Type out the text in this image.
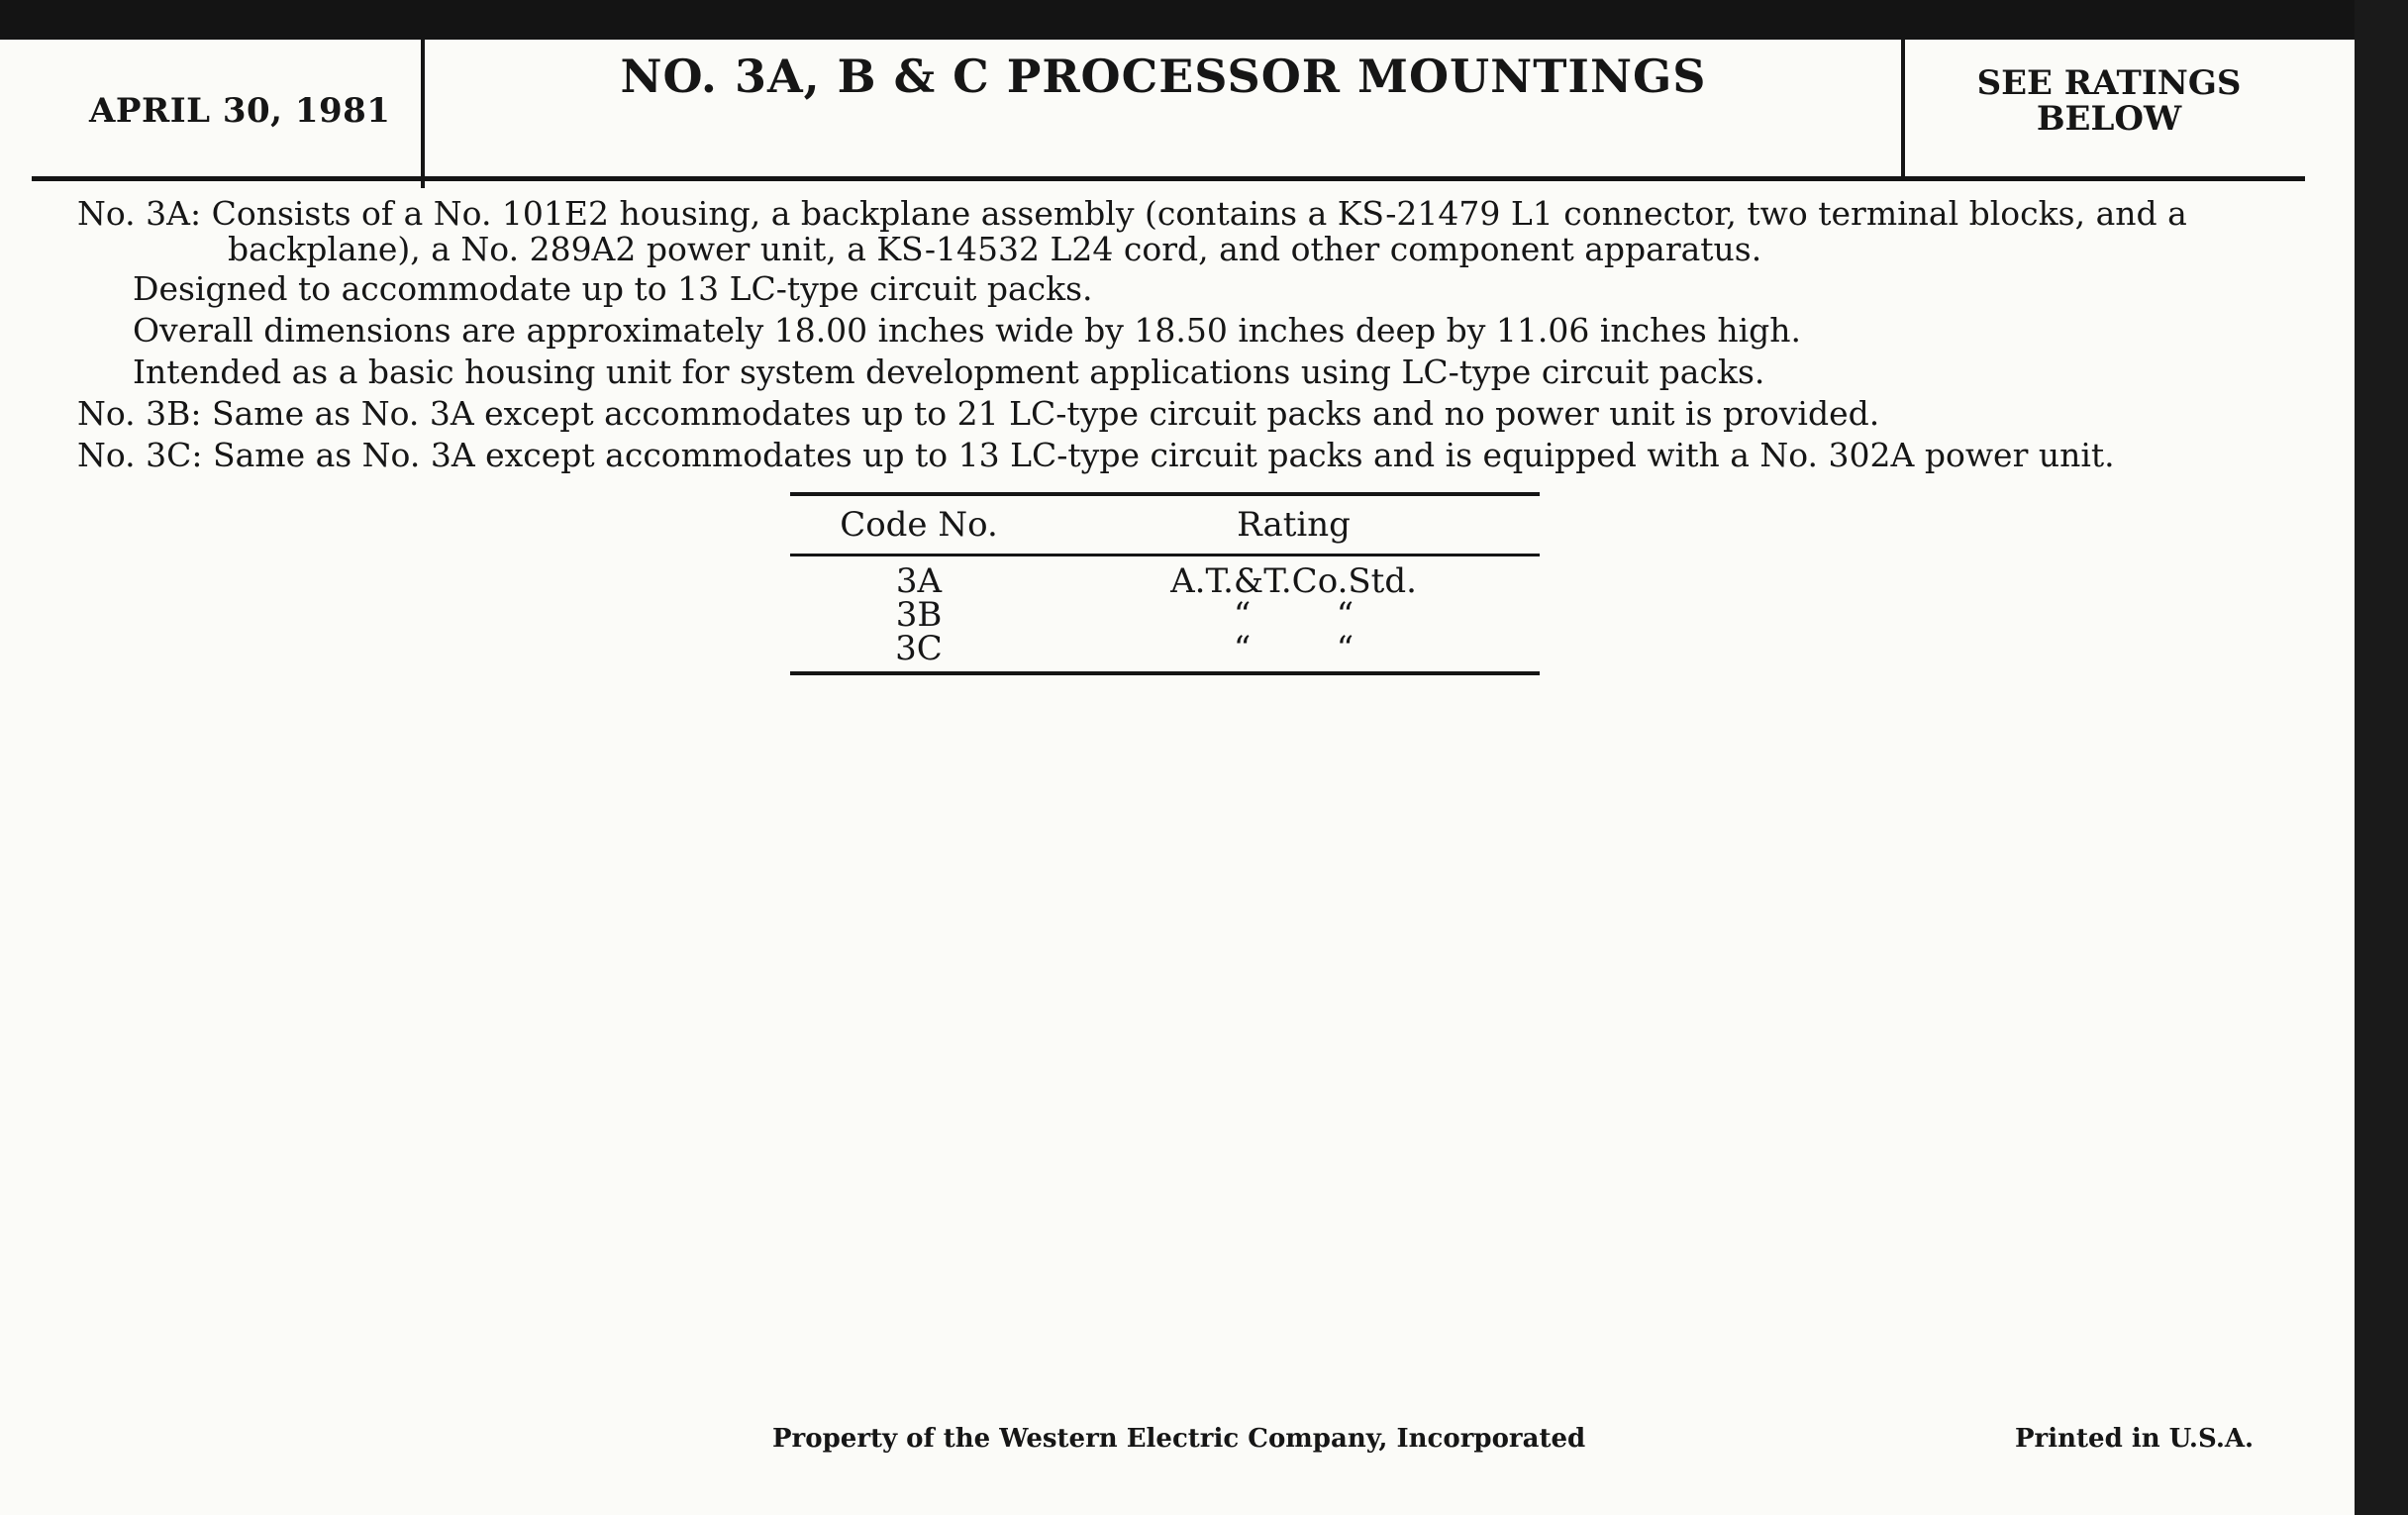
APRIL 30, 1981
NO. 3A, B & C PROCESSOR MOUNTINGS	SEE RATINGS
BELOW
No. 3A: Consists of a No. 101E2 housing, a backplane assembly (contains a KS-21479 L1 connector, two terminal blocks, and a backplane), a No. 289A2 power unit, a KS-14532 L24 cord, and other component apparatus.
Designed to accommodate up to 13 LC-type circuit packs.
Overall dimensions are approximately 18.00 inches wide by 18.50 inches deep by 11.06 inches high.
Intended as a basic housing unit for system development applications using LC-type circuit packs.
No. 3B: Same as No. 3A except accommodates up to 21 LC-type circuit packs and no power unit is provided.
No. 3C: Same as No. 3A except accommodates up to 13 LC-type circuit packs and is equipped with a No. 302A power unit.
Code No.	Rating
3A	A.T.&T.Co.Std.
3B	“        “
3C	“        “
Property of the Western Electric Company, Incorporated	Printed in U.S.A.
